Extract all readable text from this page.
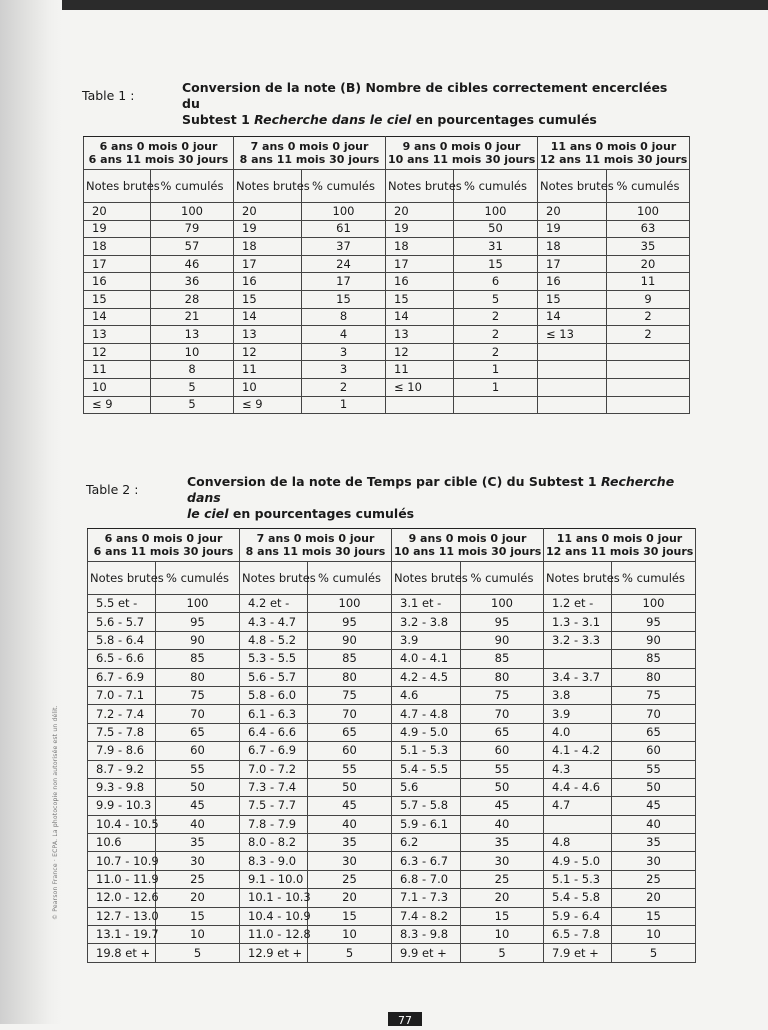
© Pearson France · ECPA. La photocopie non autorisée est un délit.
Table 1 :
Conversion de la note (B) Nombre de cibles correctement encerclées du
Subtest 1 Recherche dans le ciel en pourcentages cumulés
6 ans 0 mois 0 jour
6 ans 11 mois 30 jours		7 ans 0 mois 0 jour
8 ans 11 mois 30 jours		9 ans 0 mois 0 jour
10 ans 11 mois 30 jours		11 ans 0 mois 0 jour
12 ans 11 mois 30 jours	
Notes brutes	% cumulés	Notes brutes	% cumulés	Notes brutes	% cumulés	Notes brutes	% cumulés
20	100	20	100	20	100	20	100
19	79	19	61	19	50	19	63
18	57	18	37	18	31	18	35
17	46	17	24	17	15	17	20
16	36	16	17	16	6	16	11
15	28	15	15	15	5	15	9
14	21	14	8	14	2	14	2
13	13	13	4	13	2	≤ 13	2
12	10	12	3	12	2		
11	8	11	3	11	1		
10	5	10	2	≤ 10	1		
≤ 9	5	≤ 9	1				
Table 2 :
Conversion de la note de Temps par cible (C) du Subtest 1 Recherche dans
le ciel en pourcentages cumulés
6 ans 0 mois 0 jour
6 ans 11 mois 30 jours		7 ans 0 mois 0 jour
8 ans 11 mois 30 jours		9 ans 0 mois 0 jour
10 ans 11 mois 30 jours		11 ans 0 mois 0 jour
12 ans 11 mois 30 jours	
Notes brutes	% cumulés	Notes brutes	% cumulés	Notes brutes	% cumulés	Notes brutes	% cumulés
5.5 et -	100	4.2 et -	100	3.1 et -	100	1.2 et -	100
5.6 - 5.7	95	4.3 - 4.7	95	3.2 - 3.8	95	1.3 - 3.1	95
5.8 - 6.4	90	4.8 - 5.2	90	3.9	90	3.2 - 3.3	90
6.5 - 6.6	85	5.3 - 5.5	85	4.0 - 4.1	85		85
6.7 - 6.9	80	5.6 - 5.7	80	4.2 - 4.5	80	3.4 - 3.7	80
7.0 - 7.1	75	5.8 - 6.0	75	4.6	75	3.8	75
7.2 - 7.4	70	6.1 - 6.3	70	4.7 - 4.8	70	3.9	70
7.5 - 7.8	65	6.4 - 6.6	65	4.9 - 5.0	65	4.0	65
7.9 - 8.6	60	6.7 - 6.9	60	5.1 - 5.3	60	4.1 - 4.2	60
8.7 - 9.2	55	7.0 - 7.2	55	5.4 - 5.5	55	4.3	55
9.3 - 9.8	50	7.3 - 7.4	50	5.6	50	4.4 - 4.6	50
9.9 - 10.3	45	7.5 - 7.7	45	5.7 - 5.8	45	4.7	45
10.4 - 10.5	40	7.8 - 7.9	40	5.9 - 6.1	40		40
10.6	35	8.0 - 8.2	35	6.2	35	4.8	35
10.7 - 10.9	30	8.3 - 9.0	30	6.3 - 6.7	30	4.9 - 5.0	30
11.0 - 11.9	25	9.1 - 10.0	25	6.8 - 7.0	25	5.1 - 5.3	25
12.0 - 12.6	20	10.1 - 10.3	20	7.1 - 7.3	20	5.4 - 5.8	20
12.7 - 13.0	15	10.4 - 10.9	15	7.4 - 8.2	15	5.9 - 6.4	15
13.1 - 19.7	10	11.0 - 12.8	10	8.3 - 9.8	10	6.5 - 7.8	10
19.8 et +	5	12.9 et +	5	9.9 et +	5	7.9 et +	5
77
